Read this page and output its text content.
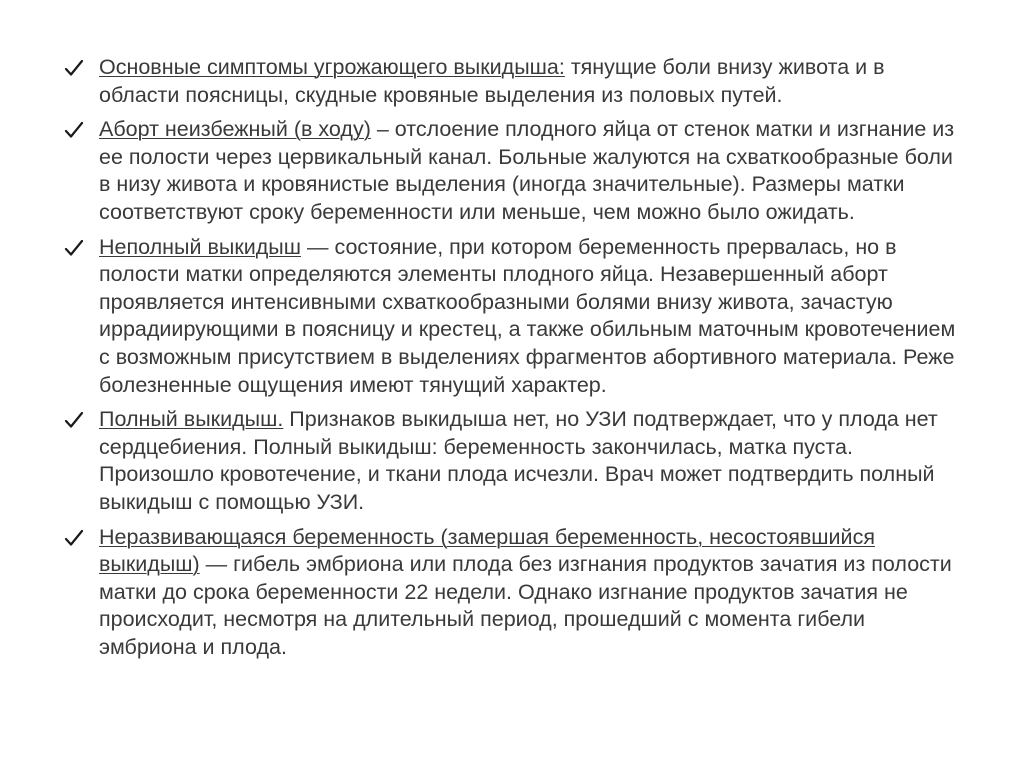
Основные симптомы угрожающего выкидыша: тянущие боли внизу живота и в области поясницы, скудные кровяные выделения из половых путей.
Аборт неизбежный (в ходу) – отслоение плодного яйца от стенок матки и изгнание из ее полости через цервикальный канал. Больные жалуются на схваткообразные боли в низу живота и кровянистые выделения (иногда значительные). Размеры матки соответствуют сроку беременности или меньше, чем можно было ожидать.
Неполный выкидыш — состояние, при котором беременность прервалась, но в полости матки определяются элементы плодного яйца. Незавершенный аборт проявляется интенсивными схваткообразными болями внизу живота, зачастую иррадиирующими в поясницу и крестец, а также обильным маточным кровотечением с возможным присутствием в выделениях фрагментов абортивного материала. Реже болезненные ощущения имеют тянущий характер.
Полный выкидыш. Признаков выкидыша нет, но УЗИ подтверждает, что у плода нет сердцебиения. Полный выкидыш: беременность закончилась, матка пуста. Произошло кровотечение, и ткани плода исчезли. Врач может подтвердить полный выкидыш с помощью УЗИ.
Неразвивающаяся беременность (замершая беременность, несостоявшийся выкидыш) — гибель эмбриона или плода без изгнания продуктов зачатия из полости матки до срока беременности 22 недели. Однако изгнание продуктов зачатия не происходит, несмотря на длительный период, прошедший с момента гибели эмбриона и плода.
